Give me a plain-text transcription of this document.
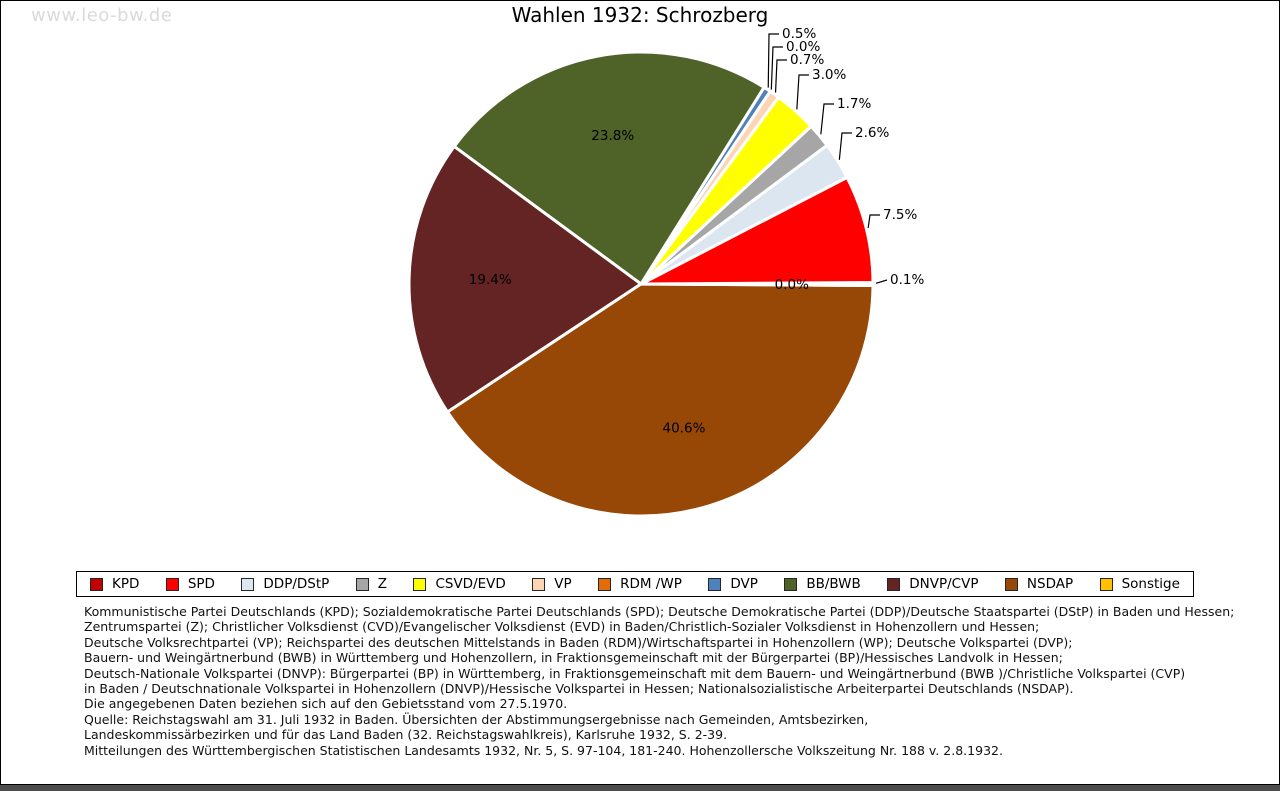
www.leo-bw.de	Wahlen 1932: Schrozberg
0.1%
7.5%
2.6%
1.7%
3.0%
0.7%
0.0%
0.5%
23.8%
19.4%
40.6%
0.0%
KPD	SPD	DDP/DStP	Z	CSVD/EVD	VP	RDM /WP	DVP	BB/BWB	DNVP/CVP	NSDAP	Sonstige
Kommunistische Partei Deutschlands (KPD); Sozialdemokratische Partei Deutschlands (SPD); Deutsche Demokratische Partei (DDP)/Deutsche Staatspartei (DStP) in Baden und Hessen;
Zentrumspartei (Z); Christlicher Volksdienst (CVD)/Evangelischer Volksdienst (EVD) in Baden/Christlich-Sozialer Volksdienst in Hohenzollern und Hessen;
Deutsche Volksrechtpartei (VP); Reichspartei des deutschen Mittelstands in Baden (RDM)/Wirtschaftspartei in Hohenzollern (WP); Deutsche Volkspartei (DVP);
Bauern- und Weingärtnerbund (BWB) in Württemberg und Hohenzollern, in Fraktionsgemeinschaft mit der Bürgerpartei (BP)/Hessisches Landvolk in Hessen;
Deutsch-Nationale Volkspartei (DNVP): Bürgerpartei (BP) in Württemberg, in Fraktionsgemeinschaft mit dem Bauern- und Weingärtnerbund (BWB )/Christliche Volkspartei (CVP)
in Baden / Deutschnationale Volkspartei in Hohenzollern (DNVP)/Hessische Volkspartei in Hessen; Nationalsozialistische Arbeiterpartei Deutschlands (NSDAP).
Die angegebenen Daten beziehen sich auf den Gebietsstand vom 27.5.1970.
Quelle: Reichstagswahl am 31. Juli 1932 in Baden. Übersichten der Abstimmungsergebnisse nach Gemeinden, Amtsbezirken,
Landeskommissärbezirken und für das Land Baden (32. Reichstagswahlkreis), Karlsruhe 1932, S. 2-39.
Mitteilungen des Württembergischen Statistischen Landesamts 1932, Nr. 5, S. 97-104, 181-240. Hohenzollersche Volkszeitung Nr. 188 v. 2.8.1932.
